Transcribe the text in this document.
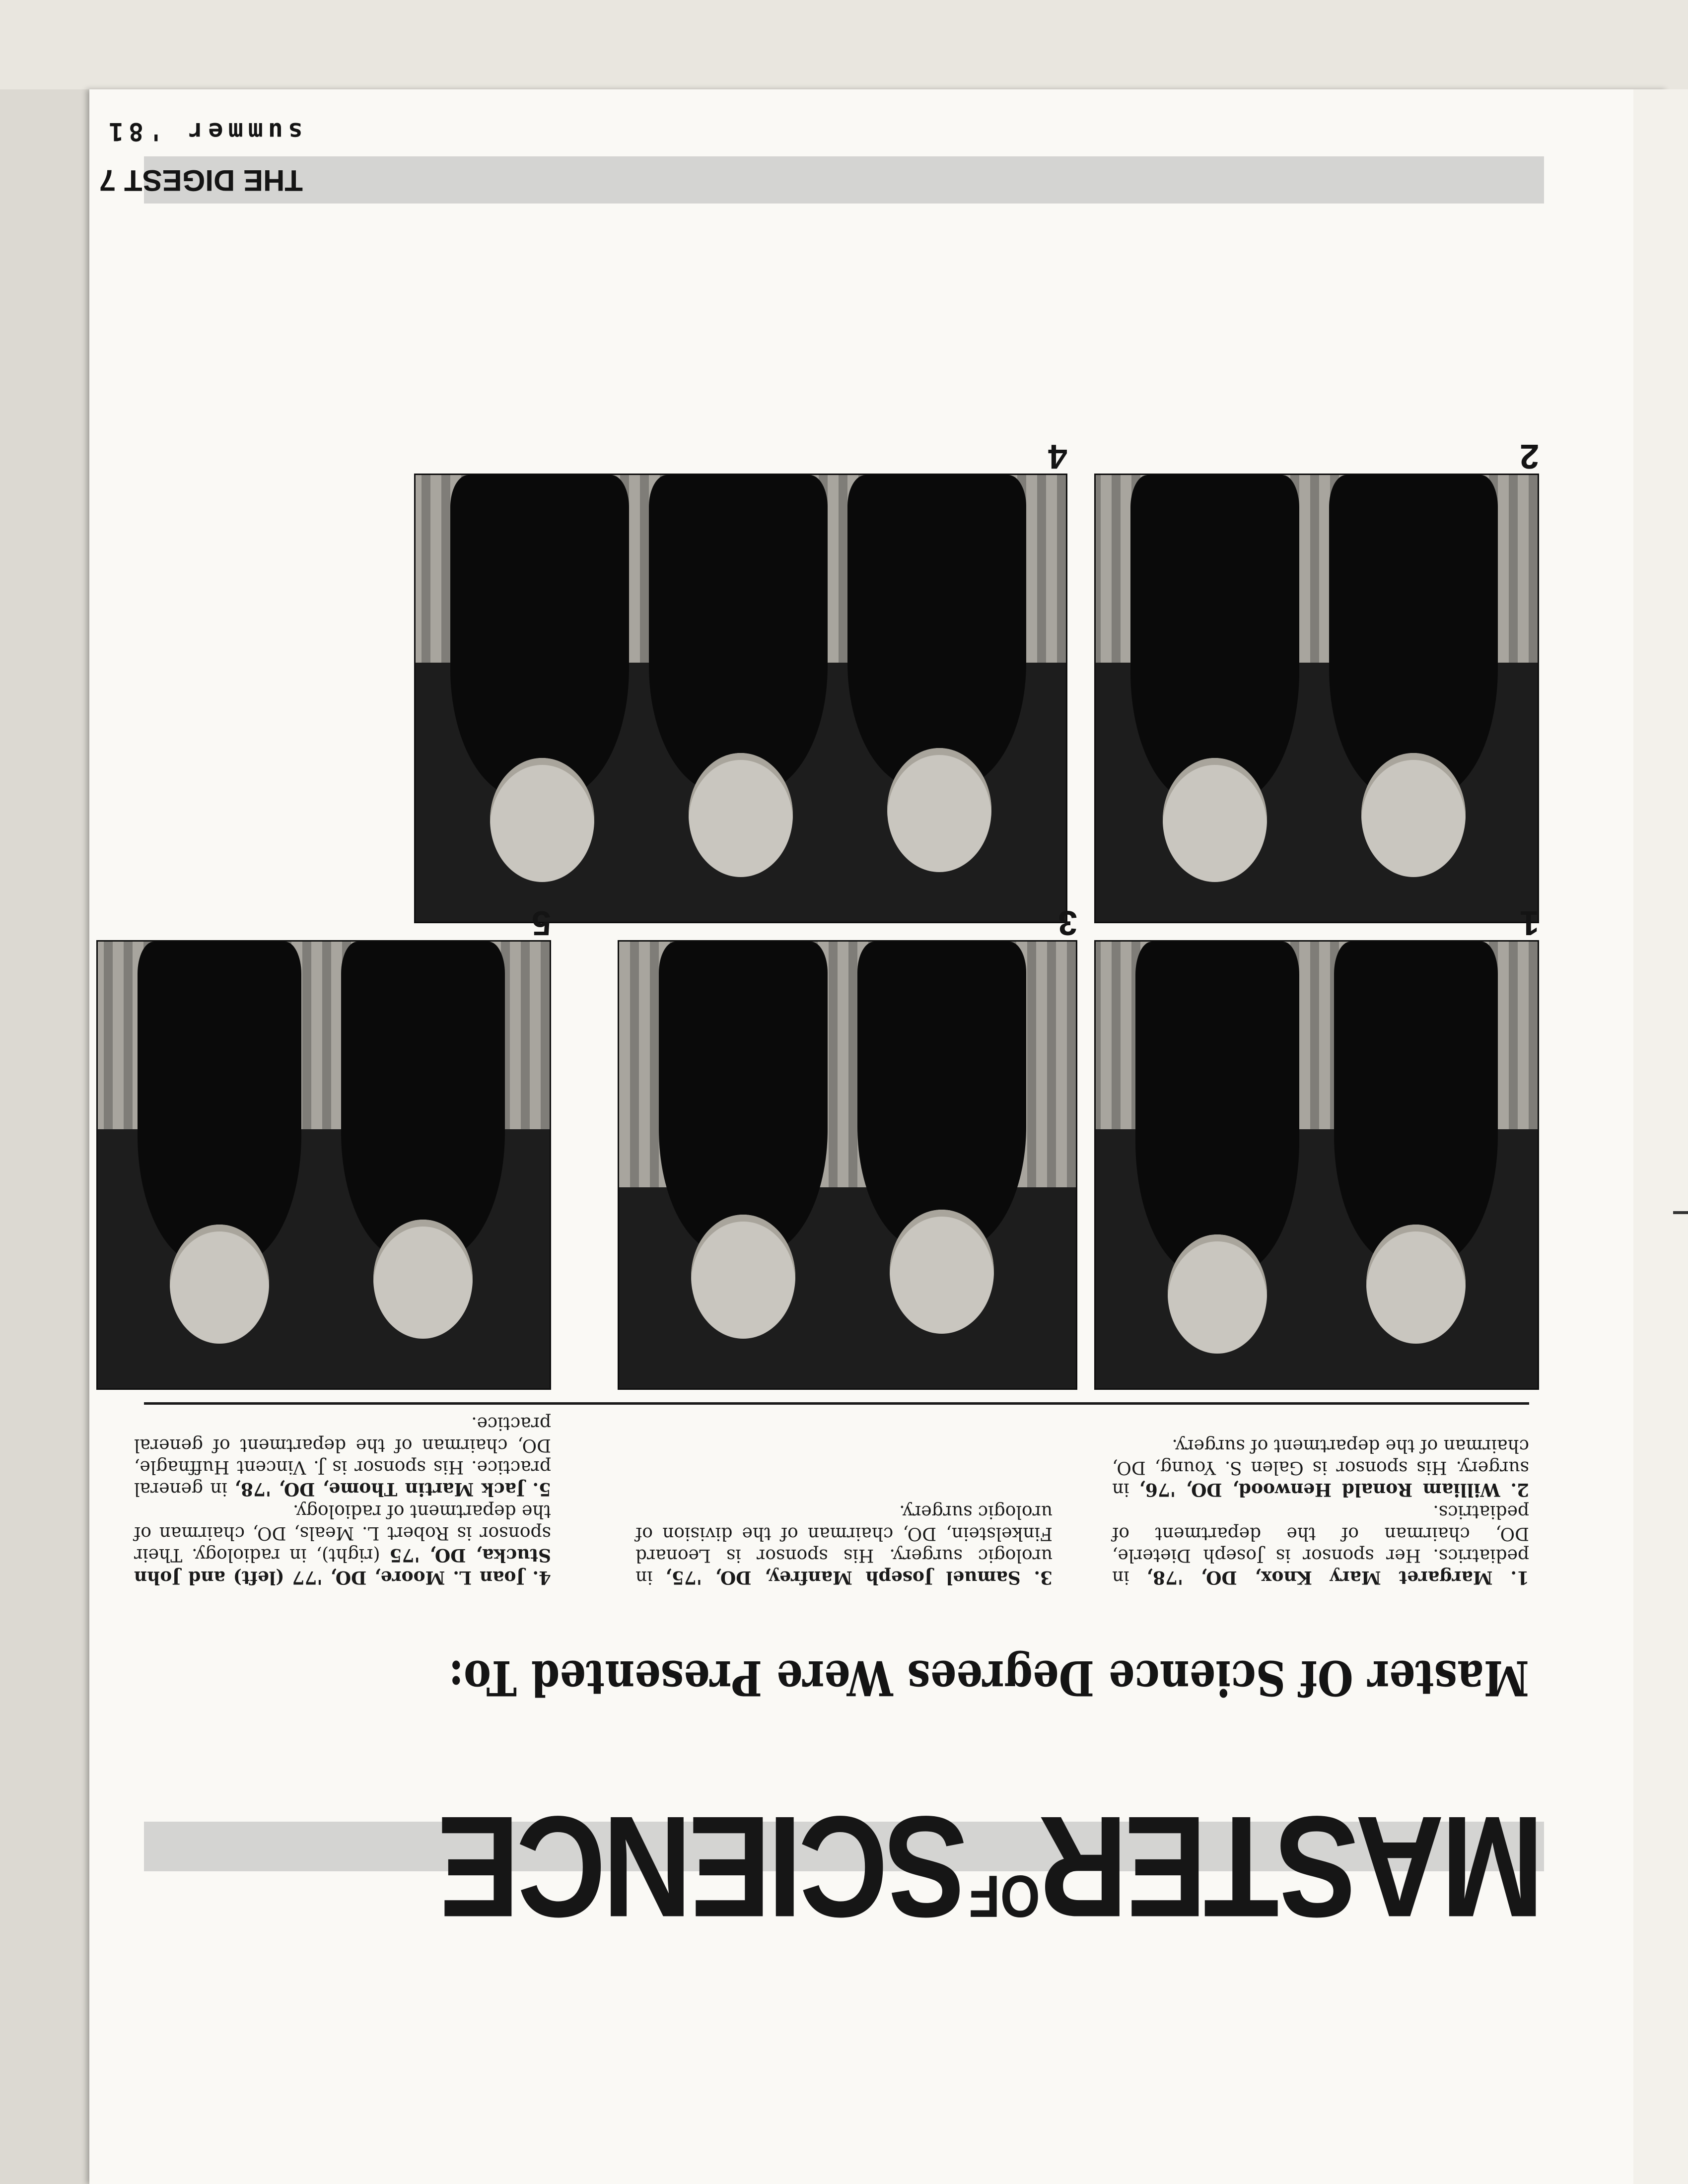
$MASTER^{OF}SCIENCE$
Master Of Science Degrees Were Presented To:

1. Margaret Mary Knox, DO, '78, in pediatrics. Her sponsor is Joseph Dieterle, DO, chairman of the department of pediatrics.

2. William Ronald Henwood, DO, '76, in surgery. His sponsor is Galen S. Young, DO, chairman of the department of surgery.

3. Samuel Joseph Manfrey, DO, '75, in urologic surgery. His sponsor is Leonard Finkelstein, DO, chairman of the division of urologic surgery.

4. Joan L. Moore, DO, '77 (left) and John Stucka, DO, '75 (right), in radiology. Their sponsor is Robert L. Meals, DO, chairman of the department of radiology.

5. Jack Martin Thome, DO, '78, in general practice. His sponsor is J. Vincent Huffnagle, DO, chairman of the department of general practice.

1
2
3
4
5
THE DIGEST 7
summer '81
